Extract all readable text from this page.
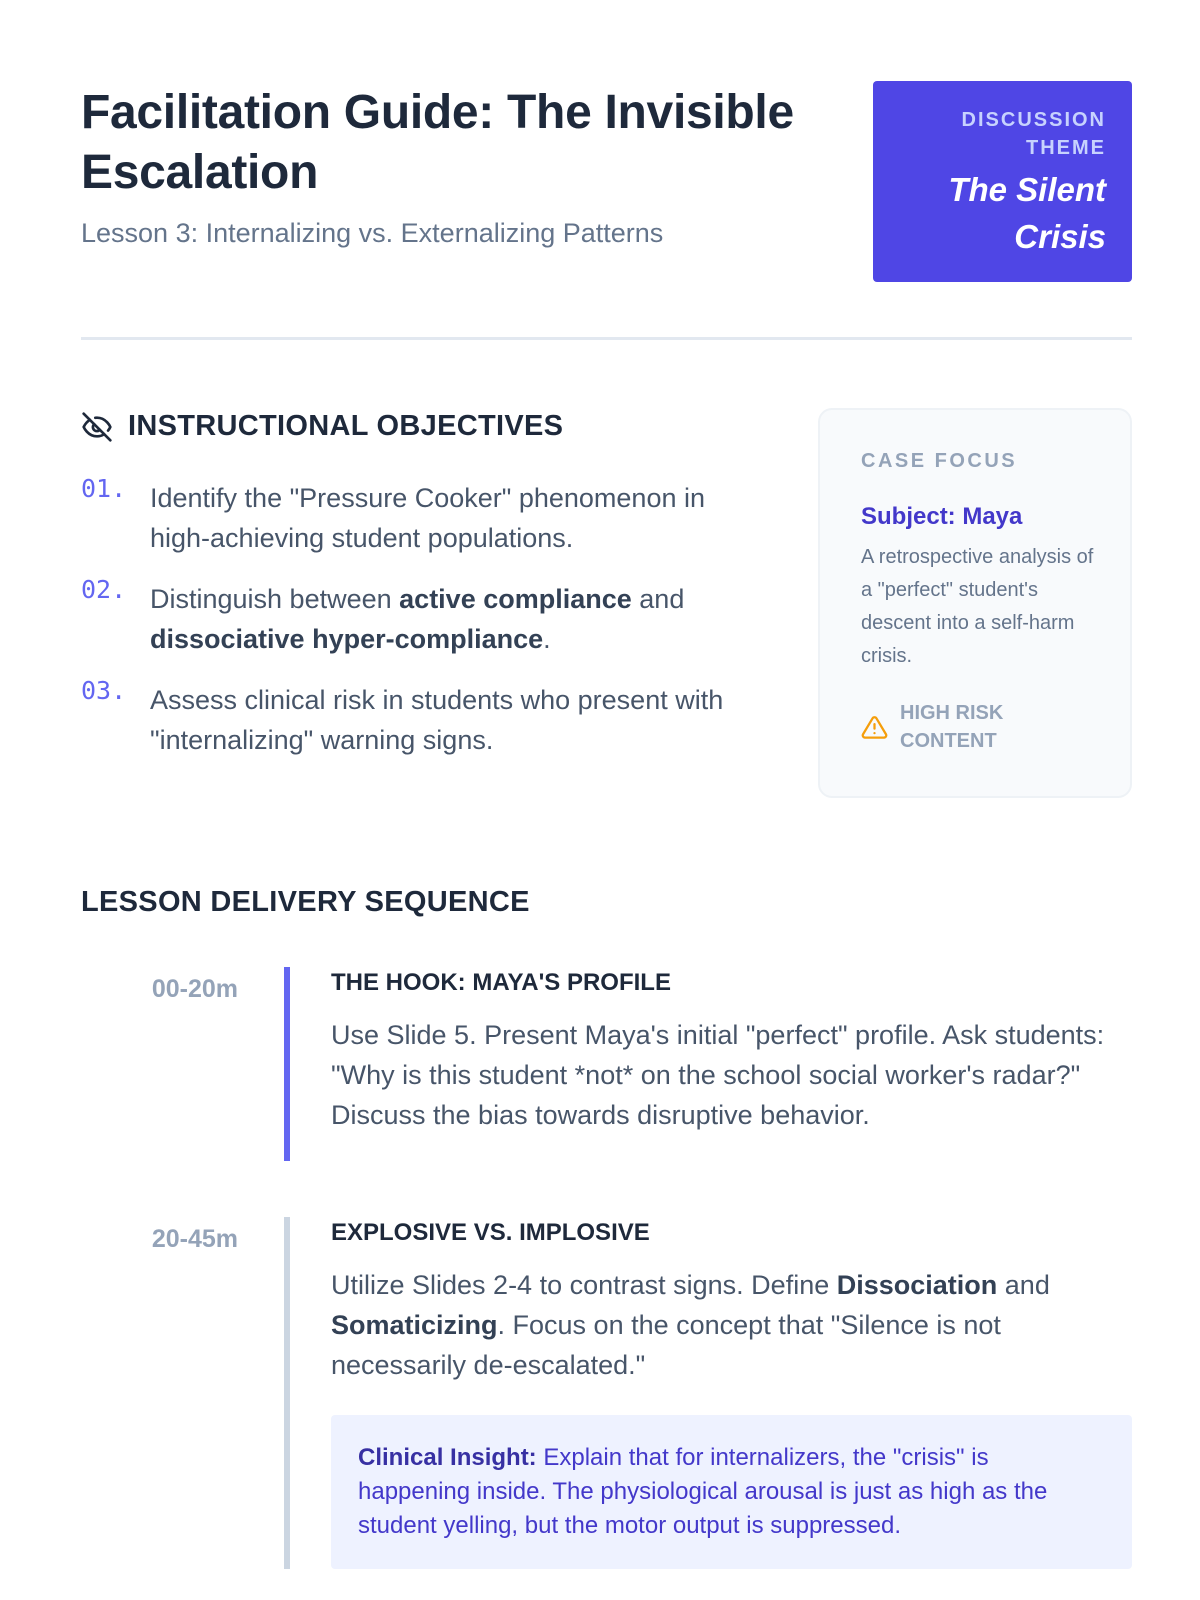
Facilitation Guide: The Invisible Escalation
Lesson 3: Internalizing vs. Externalizing Patterns
DISCUSSION THEME
The Silent Crisis
INSTRUCTIONAL OBJECTIVES
01. Identify the "Pressure Cooker" phenomenon in high-achieving student populations.
02. Distinguish between active compliance and dissociative hyper-compliance.
03. Assess clinical risk in students who present with "internalizing" warning signs.
CASE FOCUS
Subject: Maya
A retrospective analysis of a "perfect" student's descent into a self-harm crisis.
HIGH RISK CONTENT
LESSON DELIVERY SEQUENCE
00-20m	THE HOOK: MAYA'S PROFILE
Use Slide 5. Present Maya's initial "perfect" profile. Ask students: "Why is this student *not* on the school social worker's radar?" Discuss the bias towards disruptive behavior.
20-45m	EXPLOSIVE VS. IMPLOSIVE
Utilize Slides 2-4 to contrast signs. Define Dissociation and Somaticizing. Focus on the concept that "Silence is not necessarily de-escalated."
Clinical Insight: Explain that for internalizers, the "crisis" is happening inside. The physiological arousal is just as high as the student yelling, but the motor output is suppressed.
